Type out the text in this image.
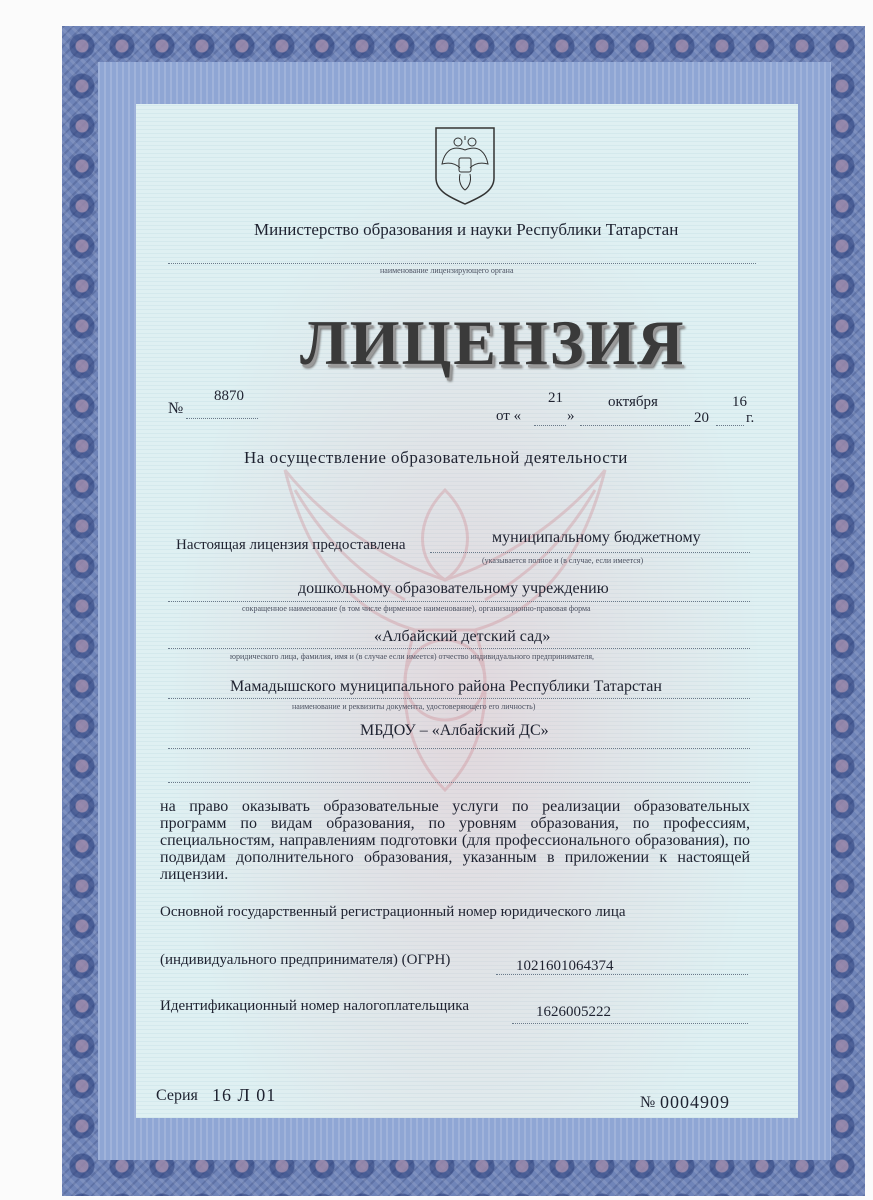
Министерство образования и науки Республики Татарстан
наименование лицензирующего органа
ЛИЦЕНЗИЯ
№
8870
от «
21
»
октября
20
16
г.
На осуществление образовательной деятельности
Настоящая лицензия предоставлена	муниципальному бюджетному
(указывается полное и (в случае, если имеется)
дошкольному образовательному учреждению
сокращенное наименование (в том числе фирменное наименование), организационно-правовая форма
«Албайский детский сад»
юридического лица, фамилия, имя и (в случае если имеется) отчество индивидуального предпринимателя,
Мамадышского муниципального района Республики Татарстан
наименование и реквизиты документа, удостоверяющего его личность)
МБДОУ – «Албайский ДС»
на право оказывать образовательные услуги по реализации образовательных программ по видам образования, по уровням образования, по профессиям, специальностям, направлениям подготовки (для профессионального образования), по подвидам дополнительного образования, указанным в приложении к настоящей лицензии.
Основной государственный регистрационный номер юридического лица
(индивидуального предпринимателя) (ОГРН)	1021601064374
Идентификационный номер налогоплательщика	1626005222
Серия 16 Л 01	№ 0004909
